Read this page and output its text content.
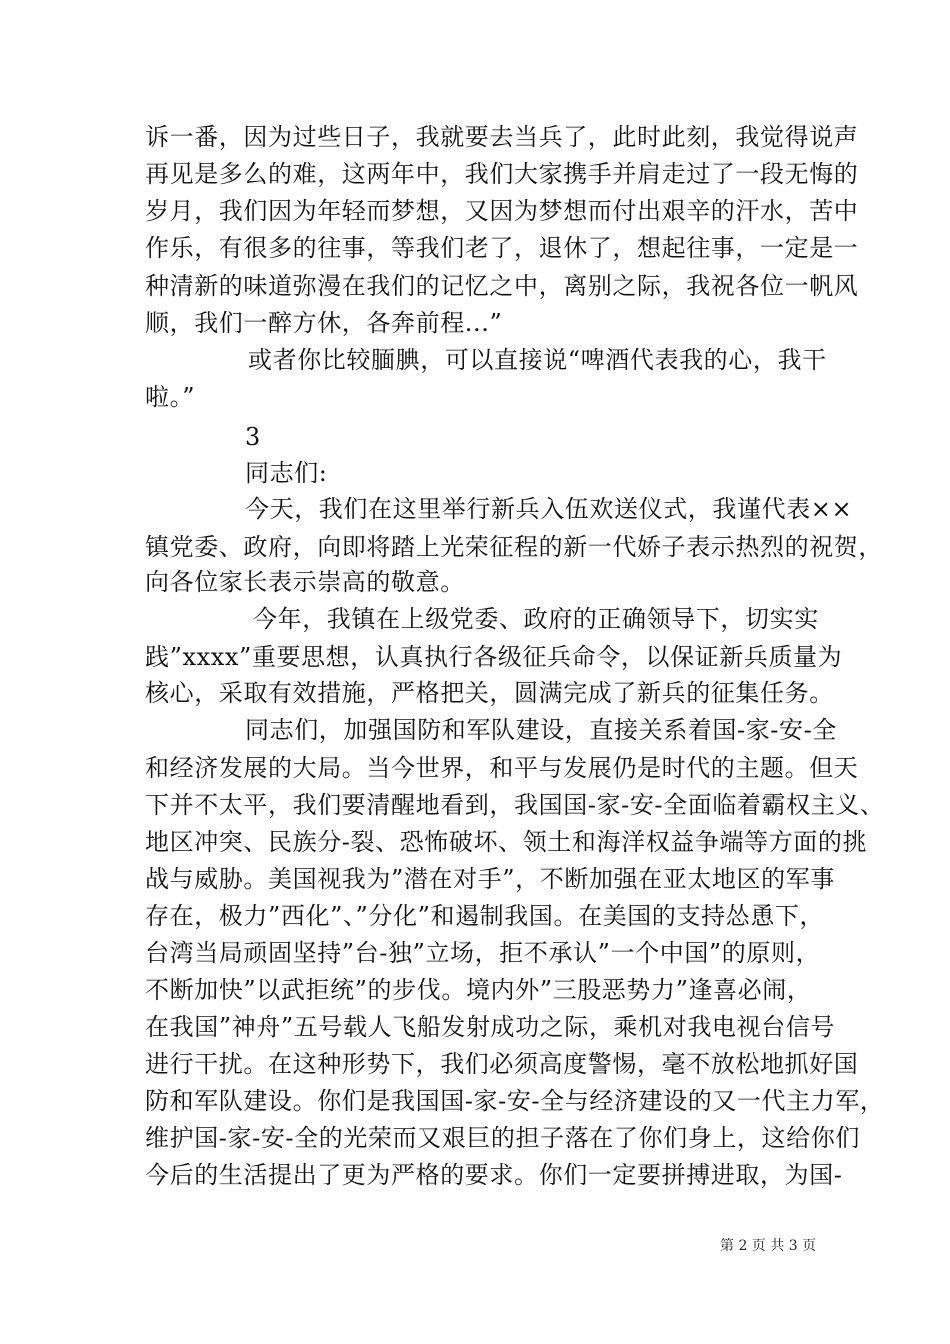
诉一番，因为过些日子，我就要去当兵了，此时此刻，我觉得说声
再见是多么的难，这两年中，我们大家携手并肩走过了一段无悔的
岁月，我们因为年轻而梦想，又因为梦想而付出艰辛的汗水，苦中
作乐，有很多的往事，等我们老了，退休了，想起往事，一定是一
种清新的味道弥漫在我们的记忆之中，离别之际，我祝各位一帆风
顺，我们一醉方休，各奔前程...”
或者你比较腼腆，可以直接说“啤酒代表我的心，我干
啦。”
3
同志们:
今天，我们在这里举行新兵入伍欢送仪式，我谨代表××
镇党委、政府，向即将踏上光荣征程的新一代娇子表示热烈的祝贺，
向各位家长表示崇高的敬意。
今年，我镇在上级党委、政府的正确领导下，切实实
践”xxxx”重要思想，认真执行各级征兵命令，以保证新兵质量为
核心，采取有效措施，严格把关，圆满完成了新兵的征集任务。
同志们，加强国防和军队建设，直接关系着国-家-安-全
和经济发展的大局。当今世界，和平与发展仍是时代的主题。但天
下并不太平，我们要清醒地看到，我国国-家-安-全面临着霸权主义、
地区冲突、民族分-裂、恐怖破坏、领土和海洋权益争端等方面的挑
战与威胁。美国视我为”潜在对手”，不断加强在亚太地区的军事
存在，极力”西化”、”分化”和遏制我国。在美国的支持怂恿下，
台湾当局顽固坚持”台-独”立场，拒不承认”一个中国”的原则，
不断加快”以武拒统”的步伐。境内外”三股恶势力”逢喜必闹，
在我国”神舟”五号载人飞船发射成功之际，乘机对我电视台信号
进行干扰。在这种形势下，我们必须高度警惕，毫不放松地抓好国
防和军队建设。你们是我国国-家-安-全与经济建设的又一代主力军，
维护国-家-安-全的光荣而又艰巨的担子落在了你们身上，这给你们
今后的生活提出了更为严格的要求。你们一定要拼搏进取，为国-
第 2 页 共 3 页
